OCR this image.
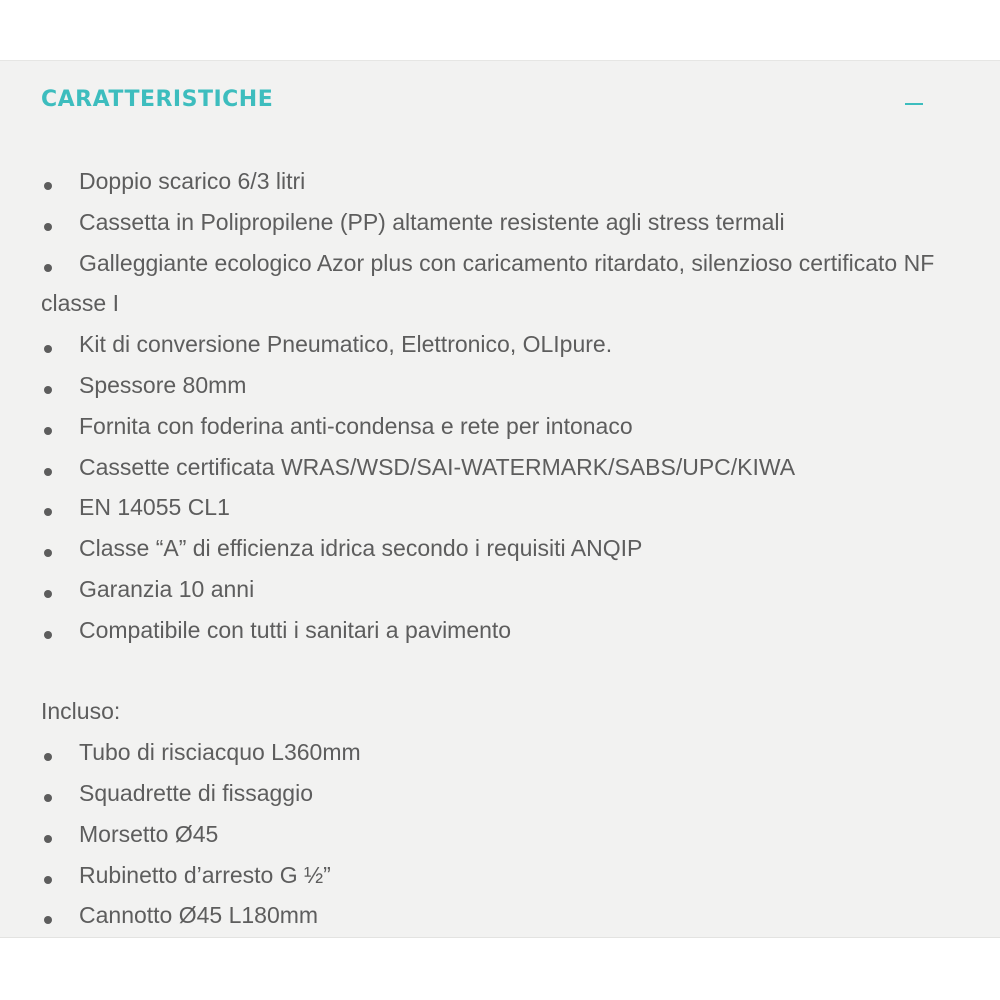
CARATTERISTICHE

Doppio scarico 6/3 litri

Cassetta in Polipropilene (PP) altamente resistente agli stress termali

Galleggiante ecologico Azor plus con caricamento ritardato, silenzioso certificato NF classe I

Kit di conversione Pneumatico, Elettronico, OLIpure.

Spessore 80mm

Fornita con foderina anti-condensa e rete per intonaco

Cassette certificata WRAS/WSD/SAI-WATERMARK/SABS/UPC/KIWA

EN 14055 CL1

Classe “A” di efficienza idrica secondo i requisiti ANQIP

Garanzia 10 anni

Compatibile con tutti i sanitari a pavimento

Incluso:

Tubo di risciacquo L360mm

Squadrette di fissaggio

Morsetto Ø45

Rubinetto d’arresto G ½”

Cannotto Ø45 L180mm
